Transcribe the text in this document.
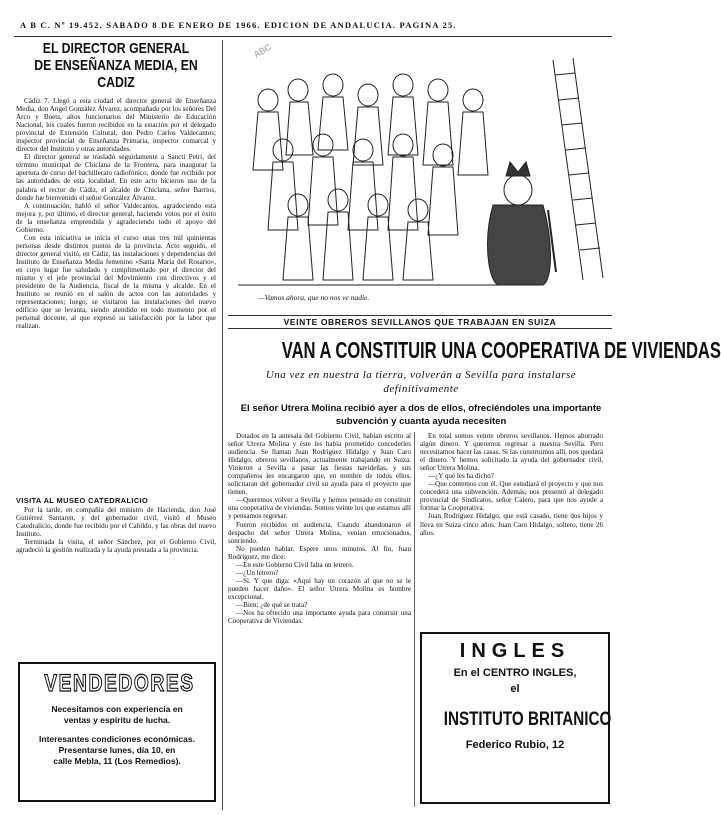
A B C. Nº 19.452. SABADO 8 DE ENERO DE 1966. EDICION DE ANDALUCIA. PAGINA 25.
EL DIRECTOR GENERAL DE ENSEÑANZA MEDIA, EN CADIZ

Cádiz 7. Llegó a esta ciudad el director general de Enseñanza Media, don Angel González Álvarez, acompañado por los señores Del Arco y Boets, altos funcionarios del Ministerio de Educación Nacional, los cuales fueron recibidos en la estación por el delegado provincial de Extensión Cultural, don Pedro Carlos Valdecantos; inspector provincial de Enseñanza Primaria, inspector comarcal y director del Instituto y otras autoridades.

El director general se trasladó seguidamente a Sancti Petri, del término municipal de Chiclana de la Frontera, para inaugurar la apertura de curso del bachillerato radiofónico, donde fue recibido por las autoridades de esta localidad. En este acto hicieron uso de la palabra el rector de Cádiz, el alcalde de Chiclana, señor Barrios, donde fue bienvenido el señor González Álvarez.

A continuación, habló el señor Valdecantos, agradeciendo esta mejora y, por último, el director general, haciendo votos por el éxito de la enseñanza emprendida y agradeciendo todo el apoyo del Gobierno.

Con esta iniciativa se inicia el curso unas tres mil quinientas personas desde distintos puntos de la provincia. Acto seguido, el director general visitó, en Cádiz, las instalaciones y dependencias del Instituto de Enseñanza Media femenino «Santa María del Rosario», en cuyo lugar fue saludado y cumplimentado por el director del mismo y el jefe provincial del Movimiento con directivos y el presidente de la Audiencia, fiscal de la misma y alcalde. En el Instituto se reunió en el salón de actos con las autoridades y representaciones; luego, se visitaron las instalaciones del nuevo edificio que se levanta, siendo atendido en todo momento por el personal docente, al que expresó su satisfacción por la labor que realizan.

VISITA AL MUSEO CATEDRALICIO

Por la tarde, en compañía del ministro de Hacienda, don José Gutiérrez Santaren, y del gobernador civil, visitó el Museo Catedralicio, donde fue recibido por el Cabildo, y las obras del nuevo Instituto.

Terminada la visita, el señor Sánchez, por el Gobierno Civil, agradeció la gestión realizada y la ayuda prestada a la provincia.

VENDEDORES
Necesitamos con experiencia en
ventas y espíritu de lucha.
Interesantes condiciones económicas. Presentarse lunes, día 10, en
calle Mebla, 11 (Los Remedios).
ABC
—Vamos ahora, que no nos ve nadie.
VEINTE OBREROS SEVILLANOS QUE TRABAJAN EN SUIZA
VAN A CONSTITUIR UNA COOPERATIVA DE VIVIENDAS
Una vez en nuestra la tierra, volverán a Sevilla para instalarse definitivamente
El señor Utrera Molina recibió ayer a dos de ellos, ofreciéndoles una importante subvención y cuanta ayuda necesiten

Dotados en la antesala del Gobierno Civil, habían escrito al señor Utrera Molina y éste les había prometido concederles audiencia. Se llaman Juan Rodríguez Hidalgo y Juan Caro Hidalgo, obreros sevillanos, actualmente trabajando en Suiza. Vinieron a Sevilla a pasar las fiestas navideñas, y sus compañeros les encargaron que, en nombre de todos ellos, solicitaran del gobernador civil su ayuda para el proyecto que tienen.

—Queremos volver a Sevilla y hemos pensado en constituir una cooperativa de viviendas. Somos veinte los que estamos allí y pensamos regresar.

Fueron recibidos en audiencia. Cuando abandonaron el despacho del señor Utrera Molina, venían emocionados, sonriendo.

No pueden hablar. Espere unos minutos. Al fin, Juan Rodríguez, me dice:

—En este Gobierno Civil falta un letrero.

—¿Un letrero?

—Sí. Y que diga: «Aquí hay un corazón al que no se le pueden hacer daño». El señor Utrera Molina es hombre excepcional.

—Bien; ¿de qué se trata?

—Nos ha ofrecido una importante ayuda para construir una Cooperativa de Viviendas.

En total somos veinte obreros sevillanos. Hemos ahorrado algún dinero. Y queremos regresar a nuestra Sevilla. Pero necesitamos hacer las casas. Si las construimos allí, nos quedará el dinero. Y hemos solicitado la ayuda del gobernador civil, señor Utrera Molina.

—¿Y qué les ha dicho?

—Que contemos con él. Que estudiará el proyecto y que nos concederá una subvención. Además, nos presentó al delegado provincial de Sindicatos, señor Calero, para que nos ayude a formar la Cooperativa.

Juan Rodríguez Hidalgo, que está casado, tiene dos hijos y lleva en Suiza cinco años. Juan Caro Hidalgo, soltero, tiene 26 años.

INGLES
En el CENTRO INGLES,
el
INSTITUTO BRITANICO
Federico Rubio, 12
